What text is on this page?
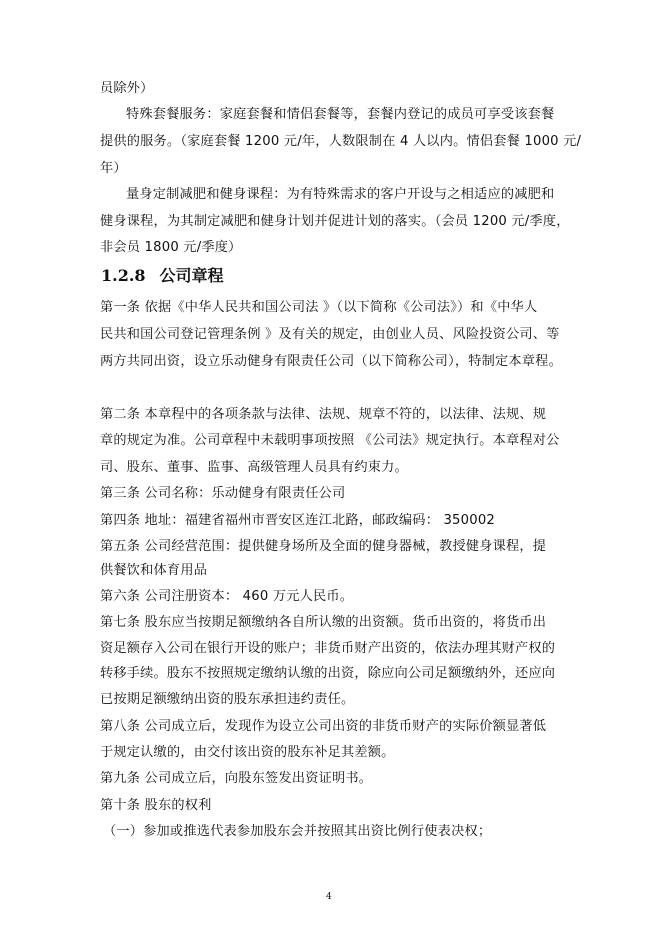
员除外）
特殊套餐服务：家庭套餐和情侣套餐等，套餐内登记的成员可享受该套餐
提供的服务。（家庭套餐 1200 元/年，人数限制在 4 人以内。情侣套餐 1000 元/
年）
量身定制减肥和健身课程：为有特殊需求的客户开设与之相适应的减肥和
健身课程，为其制定减肥和健身计划并促进计划的落实。（会员 1200 元/季度，
非会员 1800 元/季度）
1.2.8 公司章程
第一条 依据《中华人民共和国公司法 》（以下简称《公司法》）和《中华人
民共和国公司登记管理条例 》及有关的规定，由创业人员、风险投资公司、等
两方共同出资，设立乐动健身有限责任公司（以下简称公司），特制定本章程。
第二条 本章程中的各项条款与法律、法规、规章不符的，以法律、法规、规
章的规定为准。公司章程中未载明事项按照 《公司法》规定执行。本章程对公
司、股东、董事、监事、高级管理人员具有约束力。
第三条 公司名称：乐动健身有限责任公司
第四条 地址：福建省福州市晋安区连江北路，邮政编码： 350002
第五条 公司经营范围：提供健身场所及全面的健身器械，教授健身课程，提
供餐饮和体育用品
第六条 公司注册资本： 460 万元人民币。
第七条 股东应当按期足额缴纳各自所认缴的出资额。货币出资的，将货币出
资足额存入公司在银行开设的账户；非货币财产出资的，依法办理其财产权的
转移手续。股东不按照规定缴纳认缴的出资，除应向公司足额缴纳外，还应向
已按期足额缴纳出资的股东承担违约责任。
第八条 公司成立后，发现作为设立公司出资的非货币财产的实际价额显著低
于规定认缴的，由交付该出资的股东补足其差额。
第九条 公司成立后，向股东签发出资证明书。
第十条 股东的权利
（一）参加或推选代表参加股东会并按照其出资比例行使表决权；
4
